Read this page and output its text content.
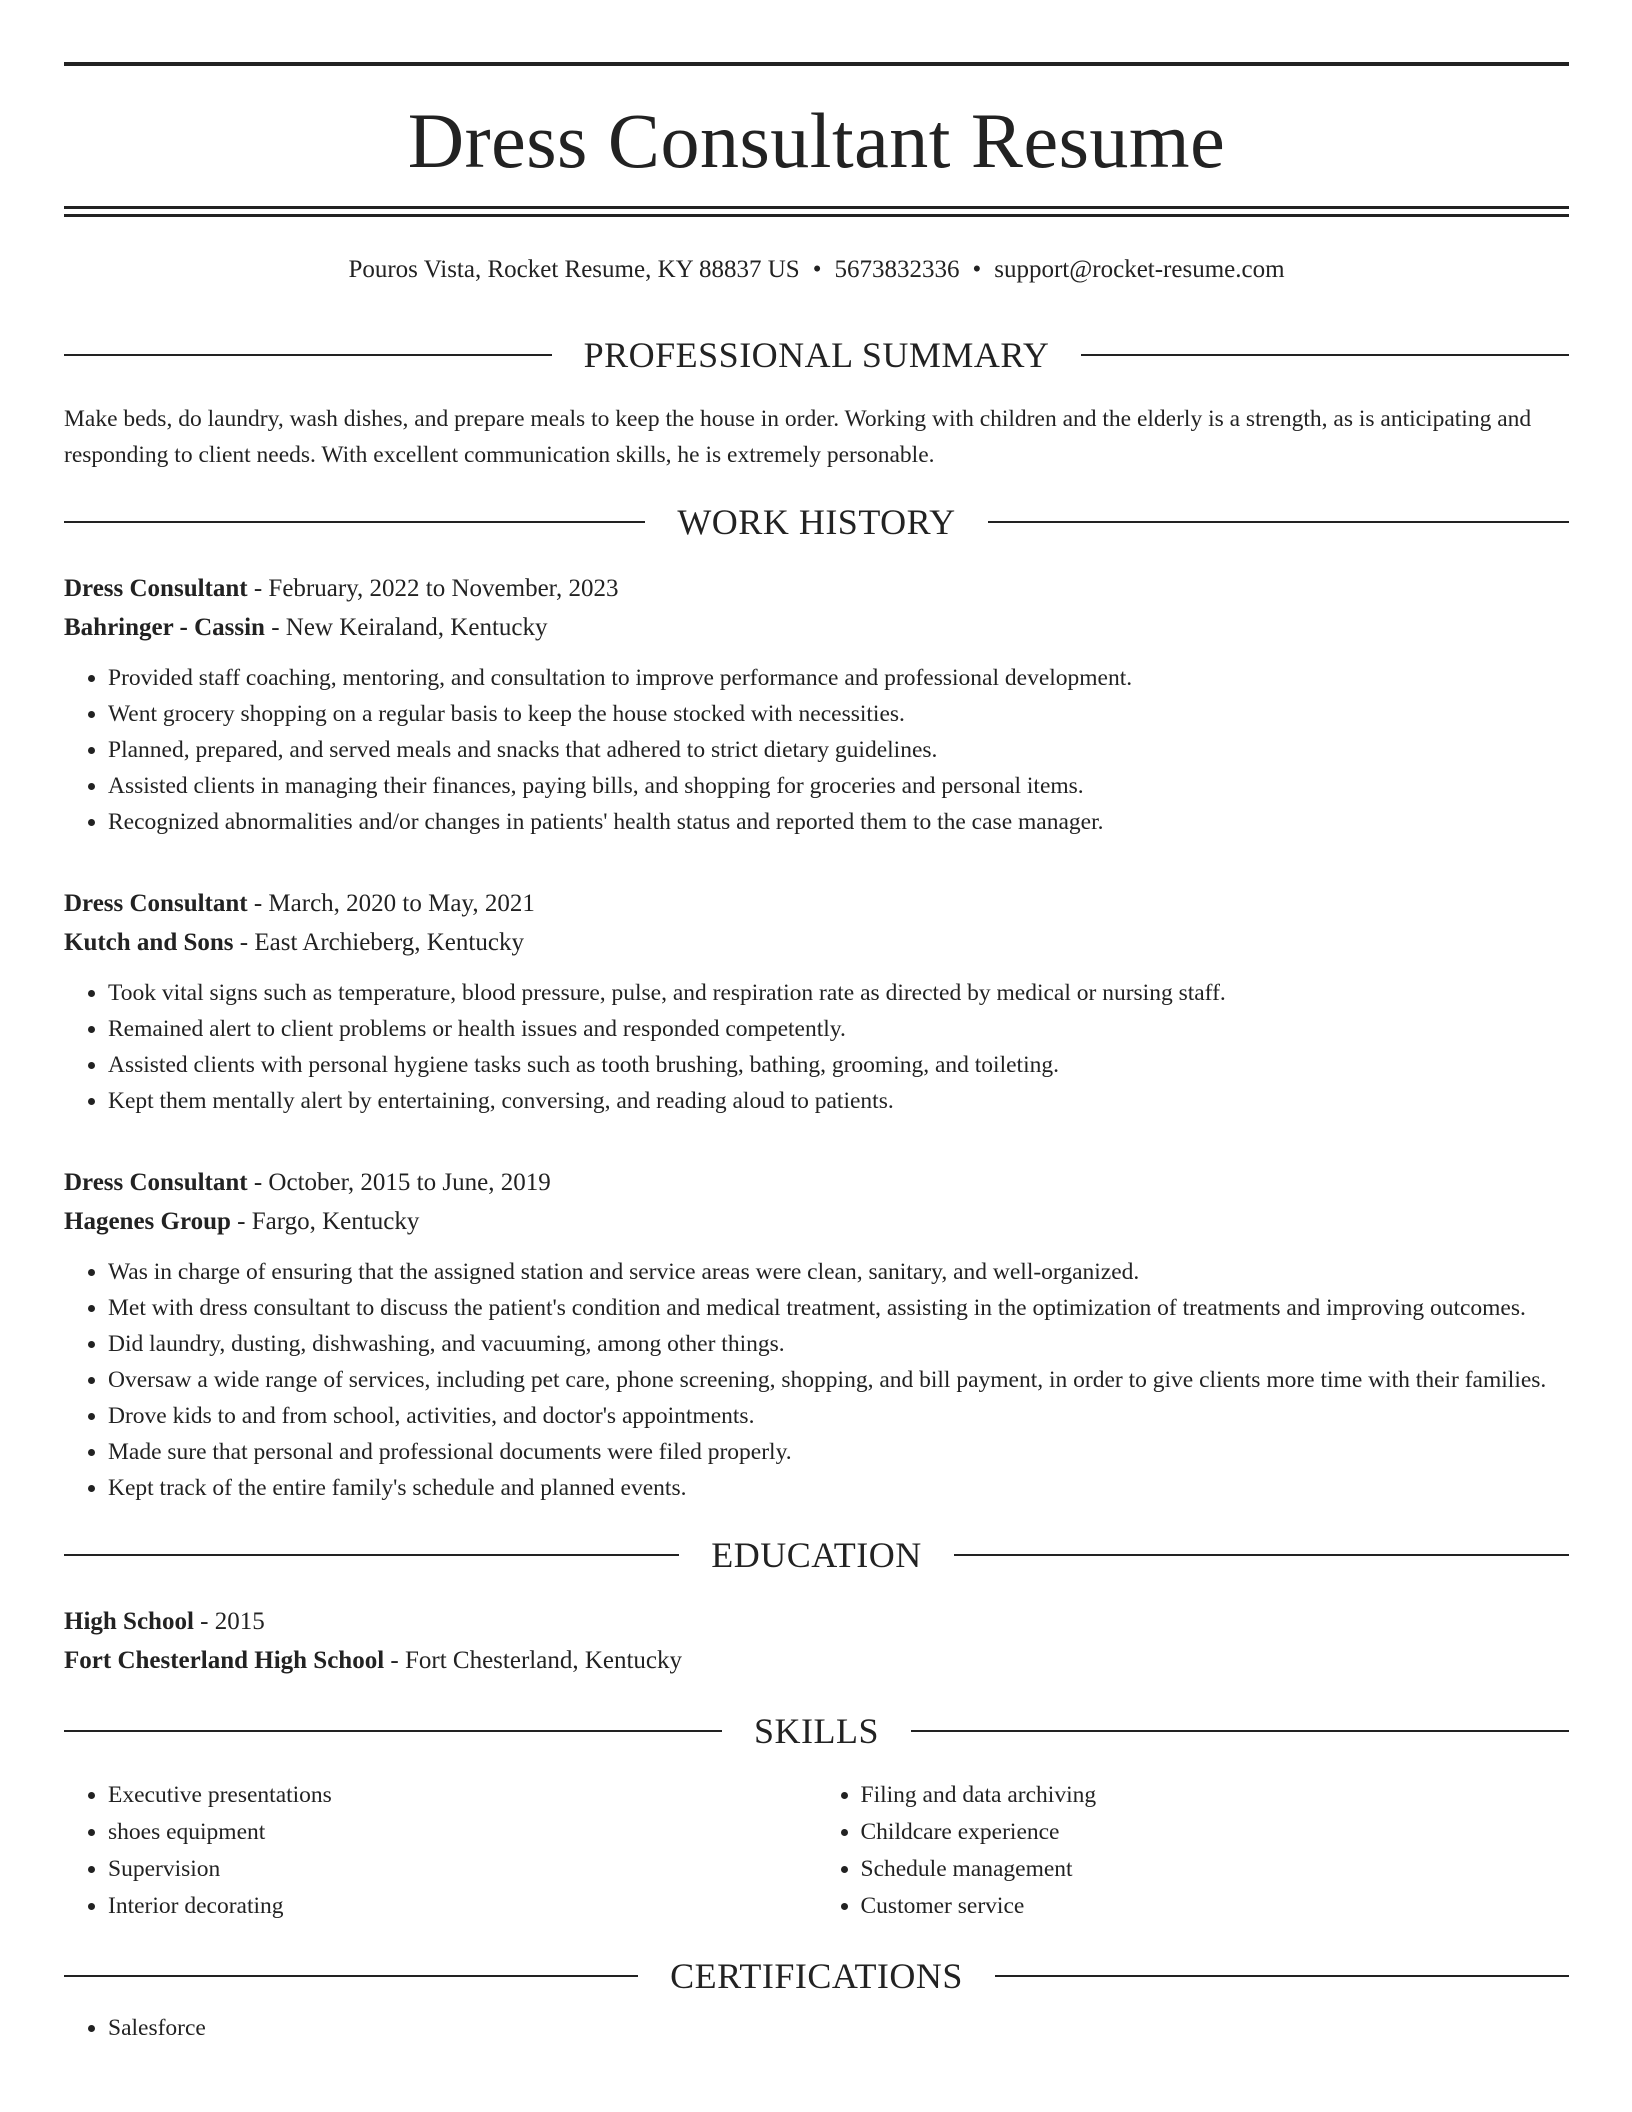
Dress Consultant Resume
Pouros Vista, Rocket Resume, KY 88837 US • 5673832336 • support@rocket-resume.com
PROFESSIONAL SUMMARY

Make beds, do laundry, wash dishes, and prepare meals to keep the house in order. Working with children and the elderly is a strength, as is anticipating and responding to client needs. With excellent communication skills, he is extremely personable.

WORK HISTORY
Dress Consultant - February, 2022 to November, 2023
Bahringer - Cassin - New Keiraland, Kentucky
• Provided staff coaching, mentoring, and consultation to improve performance and professional development.
• Went grocery shopping on a regular basis to keep the house stocked with necessities.
• Planned, prepared, and served meals and snacks that adhered to strict dietary guidelines.
• Assisted clients in managing their finances, paying bills, and shopping for groceries and personal items.
• Recognized abnormalities and/or changes in patients' health status and reported them to the case manager.
Dress Consultant - March, 2020 to May, 2021
Kutch and Sons - East Archieberg, Kentucky
• Took vital signs such as temperature, blood pressure, pulse, and respiration rate as directed by medical or nursing staff.
• Remained alert to client problems or health issues and responded competently.
• Assisted clients with personal hygiene tasks such as tooth brushing, bathing, grooming, and toileting.
• Kept them mentally alert by entertaining, conversing, and reading aloud to patients.
Dress Consultant - October, 2015 to June, 2019
Hagenes Group - Fargo, Kentucky
• Was in charge of ensuring that the assigned station and service areas were clean, sanitary, and well-organized.
• Met with dress consultant to discuss the patient's condition and medical treatment, assisting in the optimization of treatments and improving outcomes.
• Did laundry, dusting, dishwashing, and vacuuming, among other things.
• Oversaw a wide range of services, including pet care, phone screening, shopping, and bill payment, in order to give clients more time with their families.
• Drove kids to and from school, activities, and doctor's appointments.
• Made sure that personal and professional documents were filed properly.
• Kept track of the entire family's schedule and planned events.
EDUCATION
High School - 2015
Fort Chesterland High School - Fort Chesterland, Kentucky
SKILLS
• Executive presentations
• shoes equipment
• Supervision
• Interior decorating
• Filing and data archiving
• Childcare experience
• Schedule management
• Customer service
CERTIFICATIONS
• Salesforce
